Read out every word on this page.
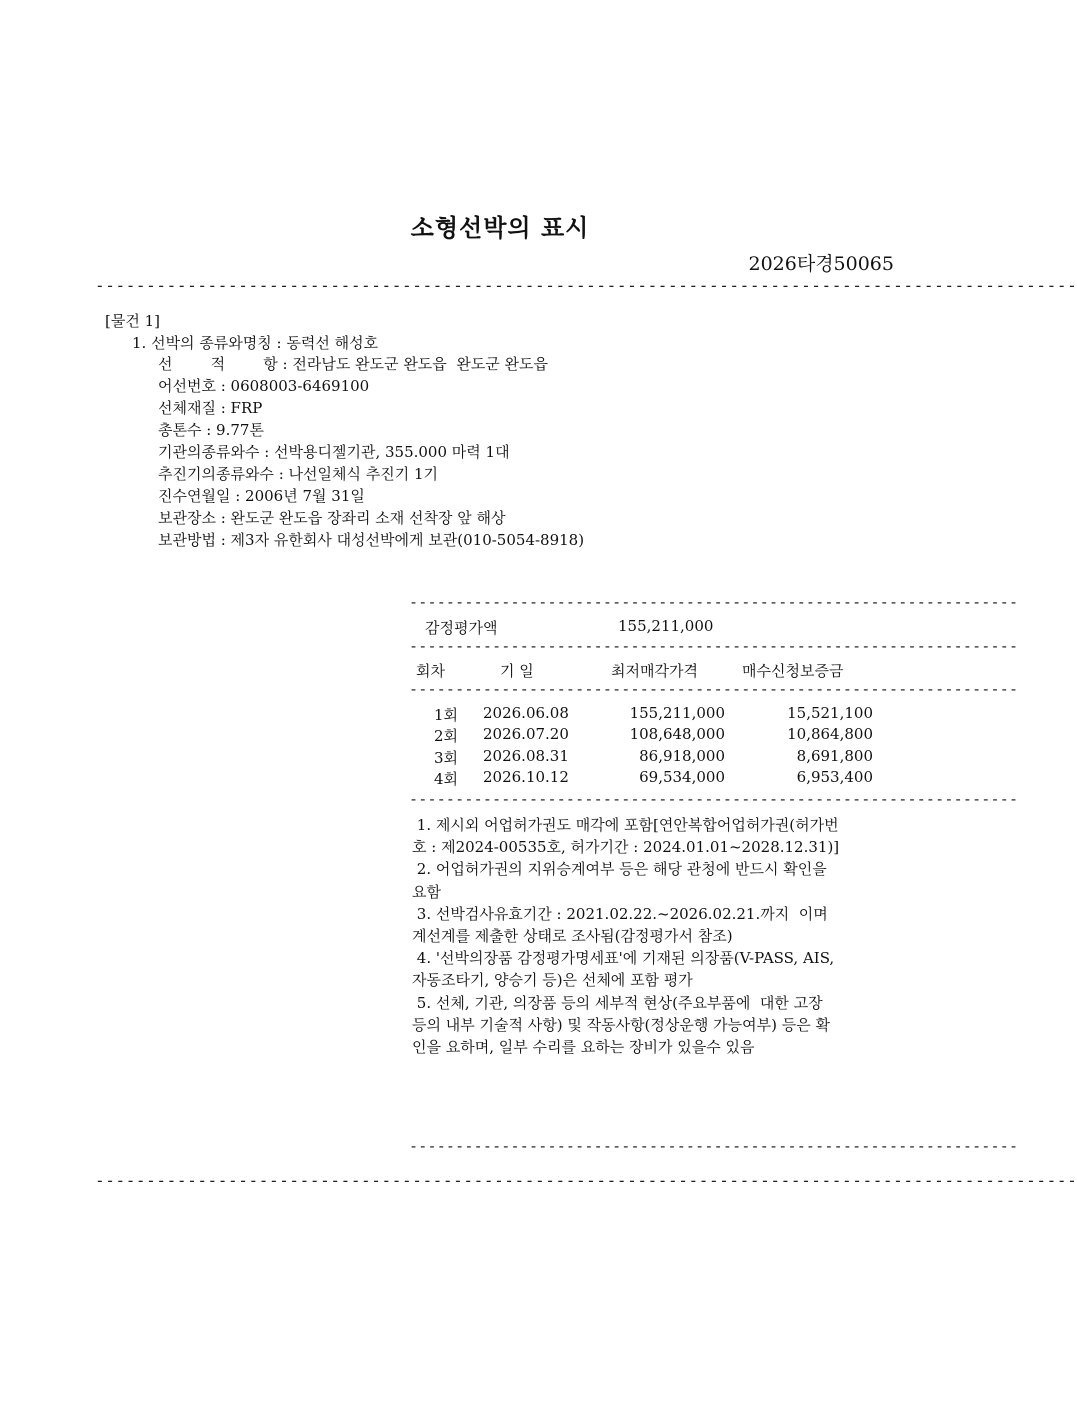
소형선박의 표시
2026타경50065
------------------------------------------------------------------------------------------------
[물건 1]
1. 선박의 종류와명칭 : 동력선 해성호
선        적        항 : 전라남도 완도군 완도읍  완도군 완도읍
어선번호 : 0608003-6469100
선체재질 : FRP
총톤수 : 9.77톤
기관의종류와수 : 선박용디젤기관, 355.000 마력 1대
추진기의종류와수 : 나선일체식 추진기 1기
진수연월일 : 2006년 7월 31일
보관장소 : 완도군 완도읍 장좌리 소재 선착장 앞 해상
보관방법 : 제3자 유한회사 대성선박에게 보관(010-5054-8918)
------------------------------------------------------------------
감정평가액	155,211,000
------------------------------------------------------------------
회차	기 일	최저매각가격	매수신청보증금
------------------------------------------------------------------
1회 2026.06.08	155,211,000	15,521,100
2회 2026.07.20	108,648,000	10,864,800
3회 2026.08.31	86,918,000	8,691,800
4회 2026.10.12	69,534,000	6,953,400
------------------------------------------------------------------

1. 제시외 어업허가권도 매각에 포함[연안복합어업허가권(허가번호 : 제2024-00535호, 허가기간 : 2024.01.01~2028.12.31)]

2. 어업허가권의 지위승계여부 등은 해당 관청에 반드시 확인을 요함

3. 선박검사유효기간 : 2021.02.22.~2026.02.21.까지  이며 계선계를 제출한 상태로 조사됨(감정평가서 참조)

4. '선박의장품 감정평가명세표'에 기재된 의장품(V-PASS, AIS, 자동조타기, 양승기 등)은 선체에 포함 평가

5. 선체, 기관, 의장품 등의 세부적 현상(주요부품에  대한 고장 등의 내부 기술적 사항) 및 작동사항(정상운행 가능여부) 등은 확인을 요하며, 일부 수리를 요하는 장비가 있을수 있음

------------------------------------------------------------------
------------------------------------------------------------------------------------------------
